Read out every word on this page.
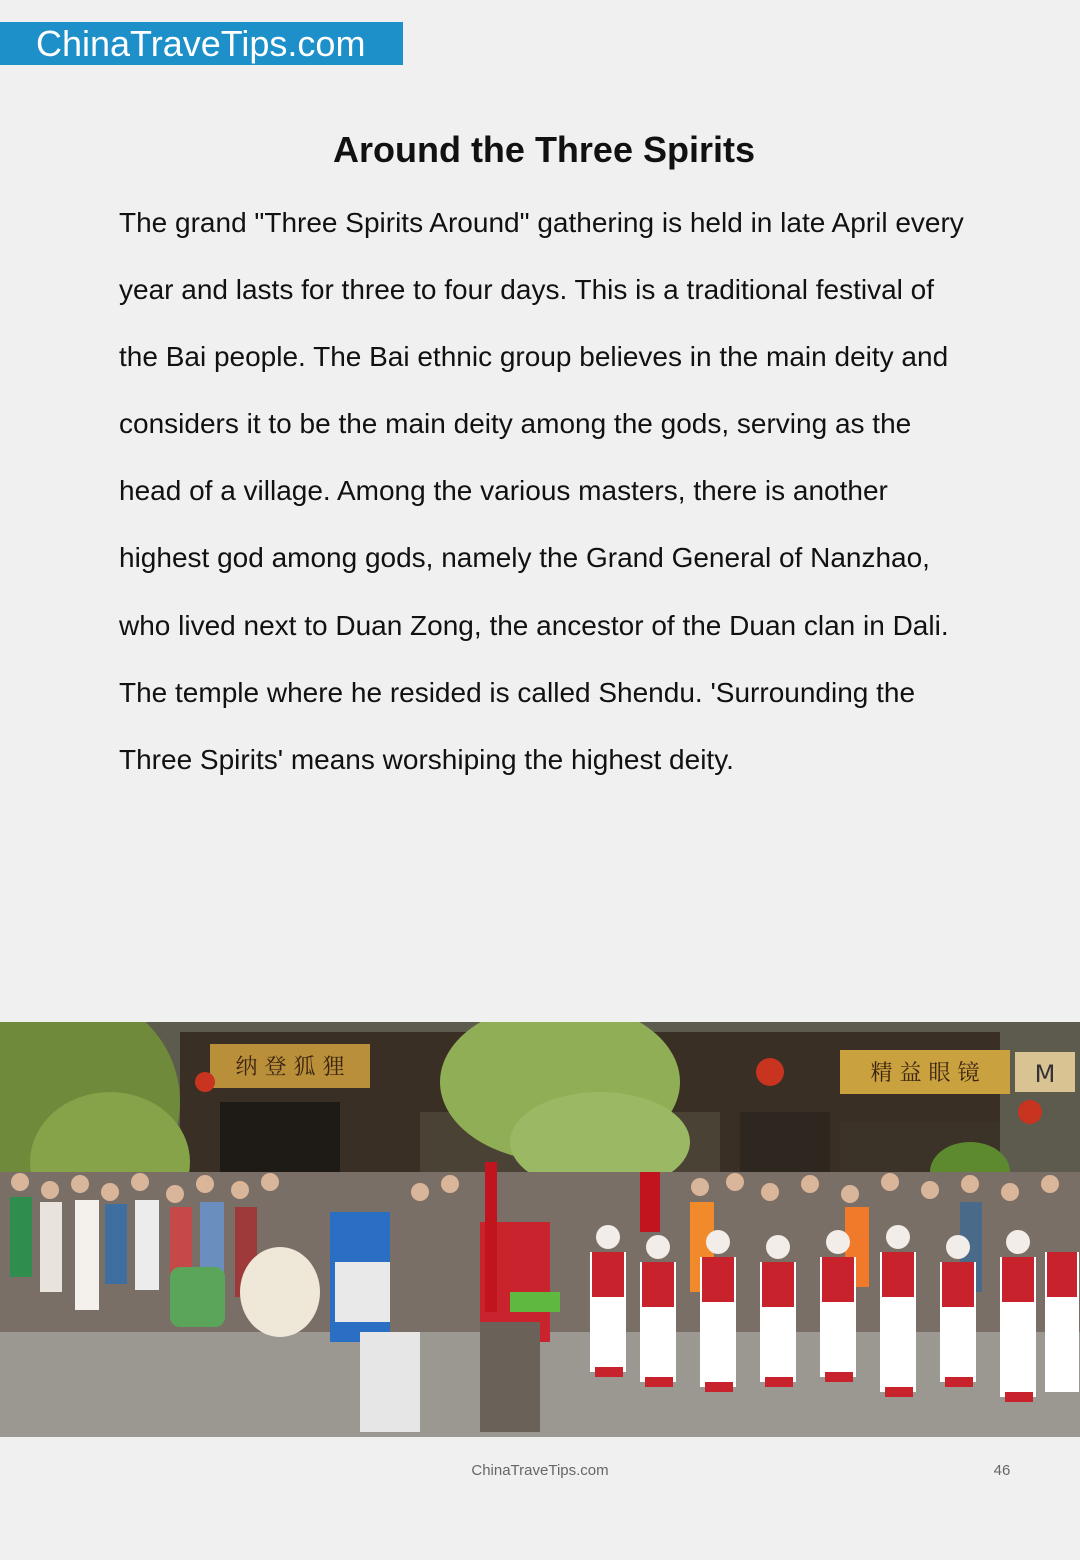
ChinaTraveTips.com
Around the Three Spirits
The grand "Three Spirits Around" gathering is held in late April every
year and lasts for three to four days. This is a traditional festival of
the Bai people. The Bai ethnic group believes in the main deity and
considers it to be the main deity among the gods, serving as the
head of a village. Among the various masters, there is another
highest god among gods, namely the Grand General of Nanzhao,
who lived next to Duan Zong, the ancestor of the Duan clan in Dali.
The temple where he resided is called Shendu. 'Surrounding the
Three Spirits' means worshiping the highest deity.
纳 登 狐 狸	精 益 眼 镜 M
ChinaTraveTips.com	46
